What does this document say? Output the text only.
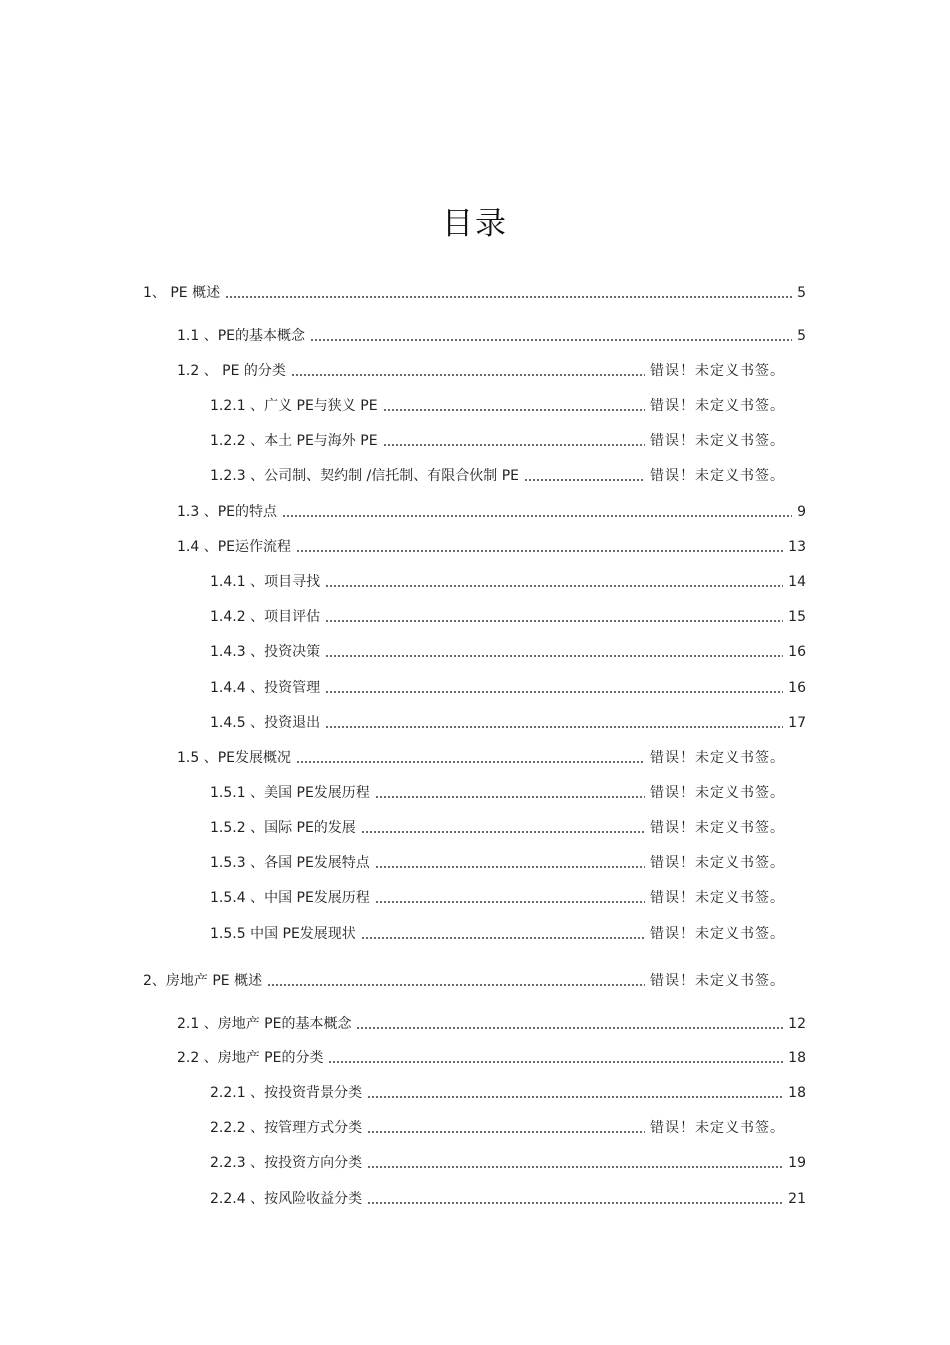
目录
1、 PE 概述	5
1.1 、PE的基本概念	5
1.2 、 PE 的分类	错误！未定义书签。
1.2.1 、广义 PE与狭义 PE	错误！未定义书签。
1.2.2 、本土 PE与海外 PE	错误！未定义书签。
1.2.3 、公司制、契约制 /信托制、有限合伙制 PE	错误！未定义书签。
1.3 、PE的特点	9
1.4 、PE运作流程	13
1.4.1 、项目寻找	14
1.4.2 、项目评估	15
1.4.3 、投资决策	16
1.4.4 、投资管理	16
1.4.5 、投资退出	17
1.5 、PE发展概况	错误！未定义书签。
1.5.1 、美国 PE发展历程	错误！未定义书签。
1.5.2 、国际 PE的发展	错误！未定义书签。
1.5.3 、各国 PE发展特点	错误！未定义书签。
1.5.4 、中国 PE发展历程	错误！未定义书签。
1.5.5 中国 PE发展现状	错误！未定义书签。
2、房地产 PE 概述	错误！未定义书签。
2.1 、房地产 PE的基本概念	12
2.2 、房地产 PE的分类	18
2.2.1 、按投资背景分类	18
2.2.2 、按管理方式分类	错误！未定义书签。
2.2.3 、按投资方向分类	19
2.2.4 、按风险收益分类	21
